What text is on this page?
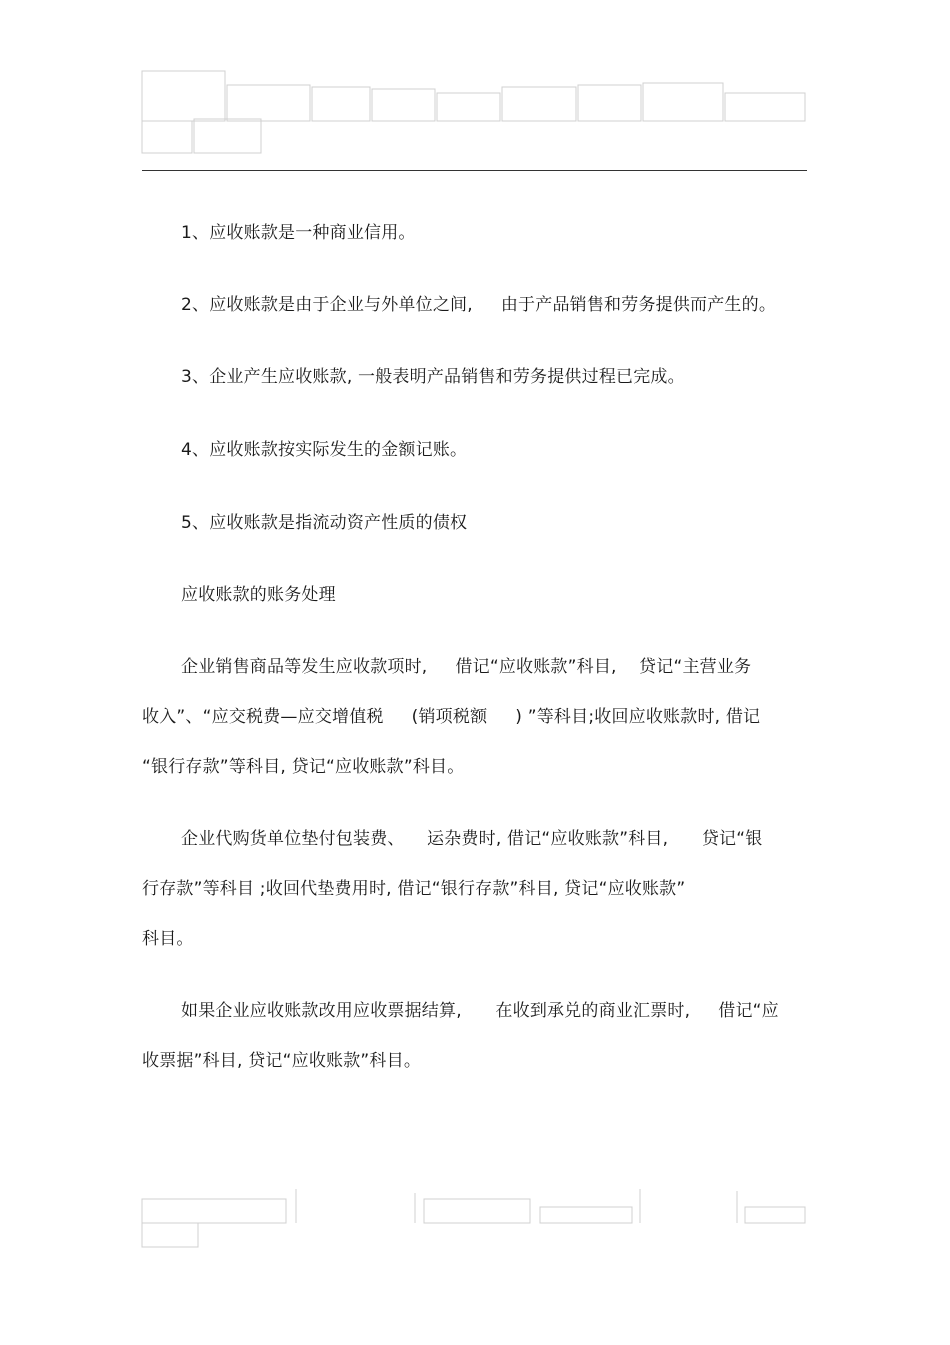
1、应收账款是一种商业信用。
2、应收账款是由于企业与外单位之间,     由于产品销售和劳务提供而产生的。
3、企业产生应收账款, 一般表明产品销售和劳务提供过程已完成。
4、应收账款按实际发生的金额记账。
5、应收账款是指流动资产性质的债权
应收账款的账务处理
企业销售商品等发生应收款项时,     借记“应收账款”科目,    贷记“主营业务
收入”、“应交税费—应交增值税     (销项税额     ) ”等科目;收回应收账款时, 借记
“银行存款”等科目, 贷记“应收账款”科目。
企业代购货单位垫付包装费、    运杂费时, 借记“应收账款”科目,      贷记“银
行存款”等科目 ;收回代垫费用时, 借记“银行存款”科目, 贷记“应收账款”
科目。
如果企业应收账款改用应收票据结算,      在收到承兑的商业汇票时,     借记“应
收票据”科目, 贷记“应收账款”科目。
